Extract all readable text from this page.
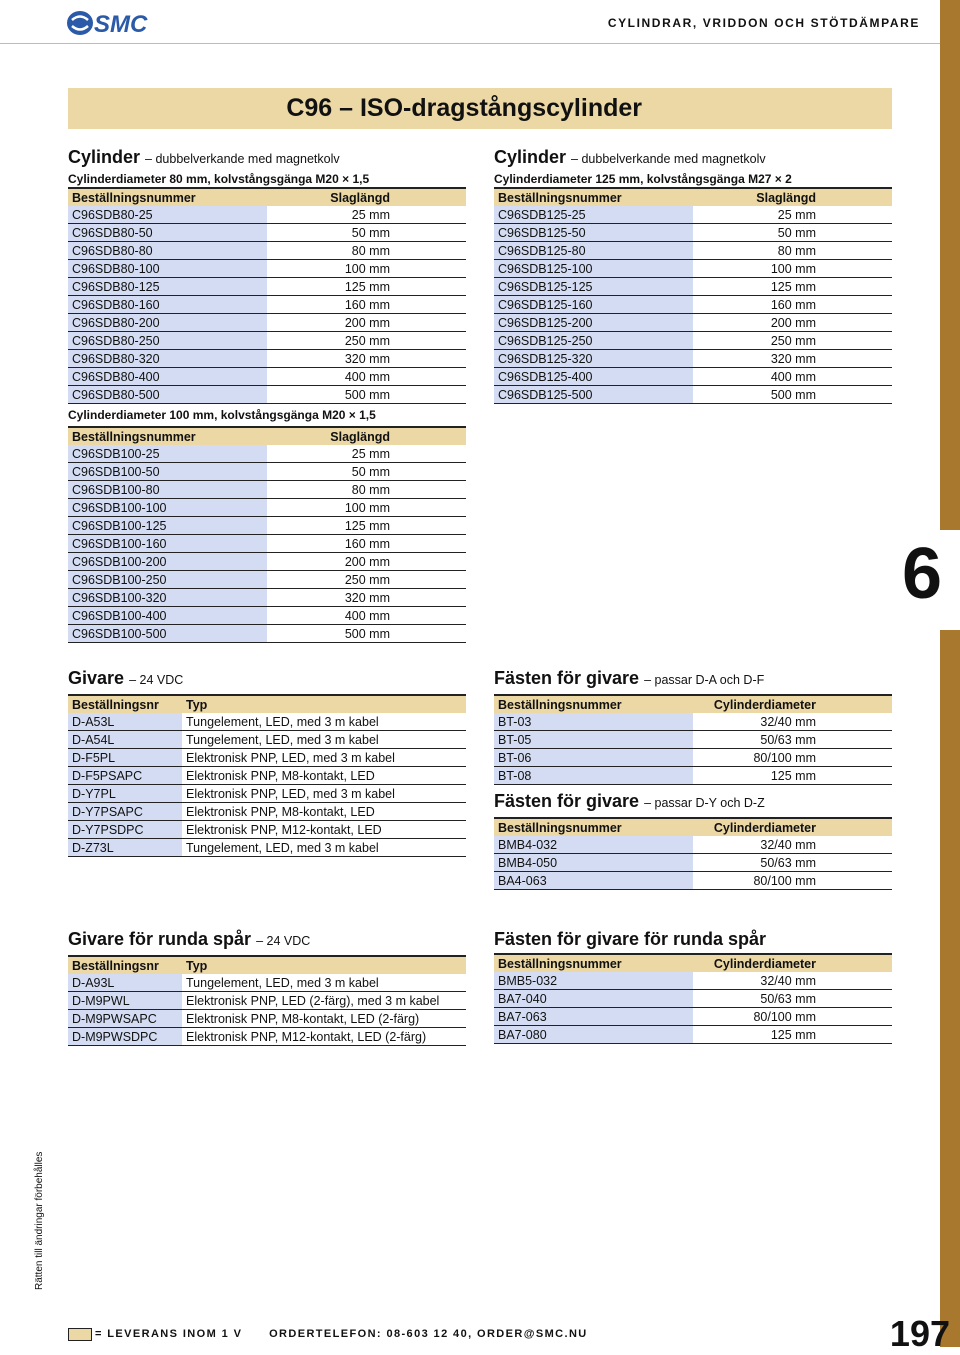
SMC	CYLINDRAR, VRIDDON OCH STÖTDÄMPARE
6
C96 – ISO-dragstångscylinder
Cylinder – dubbelverkande med magnetkolv
Cylinderdiameter 80 mm, kolvstångsgänga M20 × 1,5
Beställningsnummer	Slaglängd
C96SDB80-25	25 mm
C96SDB80-50	50 mm
C96SDB80-80	80 mm
C96SDB80-100	100 mm
C96SDB80-125	125 mm
C96SDB80-160	160 mm
C96SDB80-200	200 mm
C96SDB80-250	250 mm
C96SDB80-320	320 mm
C96SDB80-400	400 mm
C96SDB80-500	500 mm
Cylinderdiameter 100 mm, kolvstångsgänga M20 × 1,5
Beställningsnummer	Slaglängd
C96SDB100-25	25 mm
C96SDB100-50	50 mm
C96SDB100-80	80 mm
C96SDB100-100	100 mm
C96SDB100-125	125 mm
C96SDB100-160	160 mm
C96SDB100-200	200 mm
C96SDB100-250	250 mm
C96SDB100-320	320 mm
C96SDB100-400	400 mm
C96SDB100-500	500 mm
Cylinder – dubbelverkande med magnetkolv
Cylinderdiameter 125 mm, kolvstångsgänga M27 × 2
Beställningsnummer	Slaglängd
C96SDB125-25	25 mm
C96SDB125-50	50 mm
C96SDB125-80	80 mm
C96SDB125-100	100 mm
C96SDB125-125	125 mm
C96SDB125-160	160 mm
C96SDB125-200	200 mm
C96SDB125-250	250 mm
C96SDB125-320	320 mm
C96SDB125-400	400 mm
C96SDB125-500	500 mm
Givare – 24 VDC
Beställningsnr	Typ
D-A53L	Tungelement, LED, med 3 m kabel
D-A54L	Tungelement, LED, med 3 m kabel
D-F5PL	Elektronisk PNP, LED, med 3 m kabel
D-F5PSAPC	Elektronisk PNP, M8-kontakt, LED
D-Y7PL	Elektronisk PNP, LED, med 3 m kabel
D-Y7PSAPC	Elektronisk PNP, M8-kontakt, LED
D-Y7PSDPC	Elektronisk PNP, M12-kontakt, LED
D-Z73L	Tungelement, LED, med 3 m kabel
Fästen för givare – passar D-A och D-F
Beställningsnummer	Cylinderdiameter
BT-03	32/40 mm
BT-05	50/63 mm
BT-06	80/100 mm
BT-08	125 mm
Fästen för givare – passar D-Y och D-Z
Beställningsnummer	Cylinderdiameter
BMB4-032	32/40 mm
BMB4-050	50/63 mm
BA4-063	80/100 mm
Givare för runda spår – 24 VDC
Beställningsnr	Typ
D-A93L	Tungelement, LED, med 3 m kabel
D-M9PWL	Elektronisk PNP, LED (2-färg), med 3 m kabel
D-M9PWSAPC	Elektronisk PNP, M8-kontakt, LED (2-färg)
D-M9PWSDPC	Elektronisk PNP, M12-kontakt, LED (2-färg)
Fästen för givare för runda spår
Beställningsnummer	Cylinderdiameter
BMB5-032	32/40 mm
BA7-040	50/63 mm
BA7-063	80/100 mm
BA7-080	125 mm
Rätten till ändringar förbehålles
= LEVERANS INOM 1 V ORDERTELEFON: 08-603 12 40, ORDER@SMC.NU	197
